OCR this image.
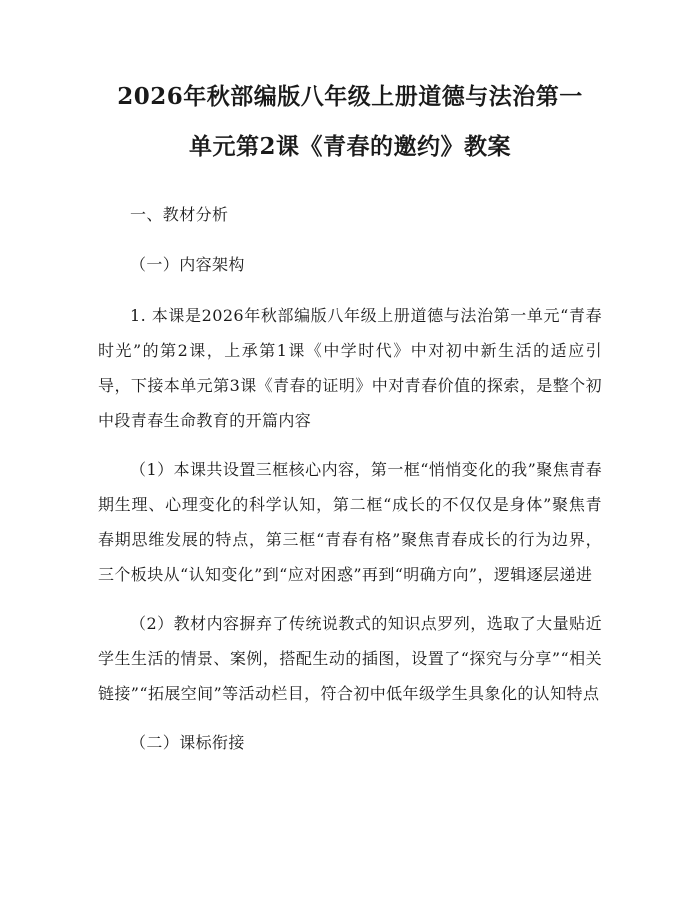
2026年秋部编版八年级上册道德与法治第一
单元第2课《青春的邀约》教案

一、教材分析

（一）内容架构

1. 本课是2026年秋部编版八年级上册道德与法治第一单元“青春时光”的第2课，上承第1课《中学时代》中对初中新生活的适应引导，下接本单元第3课《青春的证明》中对青春价值的探索，是整个初中段青春生命教育的开篇内容

（1）本课共设置三框核心内容，第一框“悄悄变化的我”聚焦青春期生理、心理变化的科学认知，第二框“成长的不仅仅是身体”聚焦青春期思维发展的特点，第三框“青春有格”聚焦青春成长的行为边界，三个板块从“认知变化”到“应对困惑”再到“明确方向”，逻辑逐层递进

（2）教材内容摒弃了传统说教式的知识点罗列，选取了大量贴近学生生活的情景、案例，搭配生动的插图，设置了“探究与分享”“相关链接”“拓展空间”等活动栏目，符合初中低年级学生具象化的认知特点

（二）课标衔接
